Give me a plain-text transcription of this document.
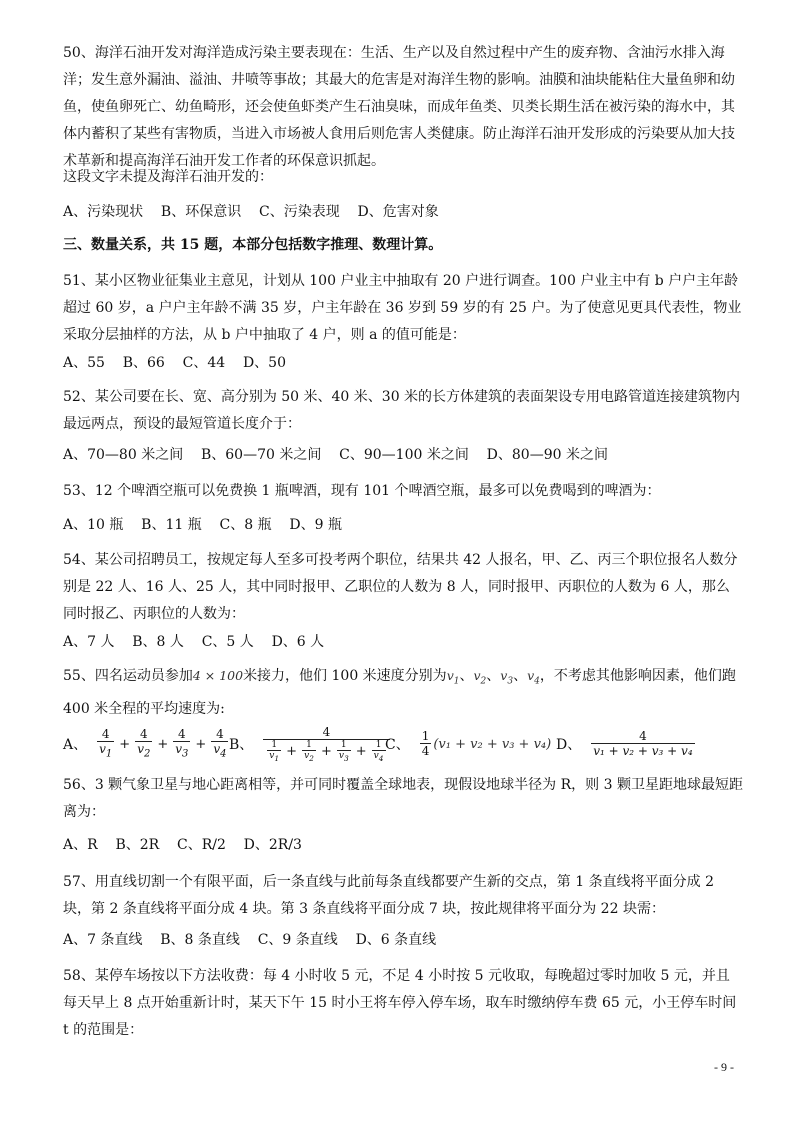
50、海洋石油开发对海洋造成污染主要表现在：生活、生产以及自然过程中产生的废弃物、含油污水排入海洋；发生意外漏油、溢油、井喷等事故；其最大的危害是对海洋生物的影响。油膜和油块能粘住大量鱼卵和幼鱼，使鱼卵死亡、幼鱼畸形，还会使鱼虾类产生石油臭味，而成年鱼类、贝类长期生活在被污染的海水中，其体内蓄积了某些有害物质，当进入市场被人食用后则危害人类健康。防止海洋石油开发形成的污染要从加大技术革新和提高海洋石油开发工作者的环保意识抓起。

这段文字未提及海洋石油开发的：

A、污染现状    B、环保意识    C、污染表现    D、危害对象

三、数量关系，共 15 题，本部分包括数字推理、数理计算。

51、某小区物业征集业主意见，计划从 100 户业主中抽取有 20 户进行调查。100 户业主中有 b 户户主年龄超过 60 岁，a 户户主年龄不满 35 岁，户主年龄在 36 岁到 59 岁的有 25 户。为了使意见更具代表性，物业采取分层抽样的方法，从 b 户中抽取了 4 户，则 a 的值可能是：

A、55    B、66    C、44    D、50

52、某公司要在长、宽、高分别为 50 米、40 米、30 米的长方体建筑的表面架设专用电路管道连接建筑物内最远两点，预设的最短管道长度介于：

A、70—80 米之间    B、60—70 米之间    C、90—100 米之间    D、80—90 米之间

53、12 个啤酒空瓶可以免费换 1 瓶啤酒，现有 101 个啤酒空瓶，最多可以免费喝到的啤酒为：

A、10 瓶    B、11 瓶    C、8 瓶    D、9 瓶

54、某公司招聘员工，按规定每人至多可投考两个职位，结果共 42 人报名，甲、乙、丙三个职位报名人数分别是 22 人、16 人、25 人，其中同时报甲、乙职位的人数为 8 人，同时报甲、丙职位的人数为 6 人，那么同时报乙、丙职位的人数为：

A、7 人    B、8 人    C、5 人    D、6 人

55、四名运动员参加4 × 100米接力，他们 100 米速度分别为$v_1$、$v_2$、$v_3$、$v_4$，不考虑其他影响因素，他们跑
400 米全程的平均速度为:

A、 $\frac{4}{v_1} + \frac{4}{v_2} + \frac{4}{v_3} + \frac{4}{v_4}$ B、 $\frac{4}{\frac{1}{v_1} + \frac{1}{v_2} + \frac{1}{v_3} + \frac{1}{v_4}}$
C、 $\frac{1}{4} (v_1 + v_2 + v_3 + v_4)$ D、 $\frac{4}{\text{v₁ + v₂ + v₃ + v₄}}$

56、3 颗气象卫星与地心距离相等，并可同时覆盖全球地表，现假设地球半径为 R，则 3 颗卫星距地球最短距离为：

A、R    B、2R    C、R/2    D、2R/3

57、用直线切割一个有限平面，后一条直线与此前每条直线都要产生新的交点，第 1 条直线将平面分成 2 块，第 2 条直线将平面分成 4 块。第 3 条直线将平面分成 7 块，按此规律将平面分为 22 块需：

A、7 条直线    B、8 条直线    C、9 条直线    D、6 条直线

58、某停车场按以下方法收费：每 4 小时收 5 元，不足 4 小时按 5 元收取，每晚超过零时加收 5 元，并且每天早上 8 点开始重新计时，某天下午 15 时小王将车停入停车场，取车时缴纳停车费 65 元，小王停车时间 t 的范围是：

- 9 -
